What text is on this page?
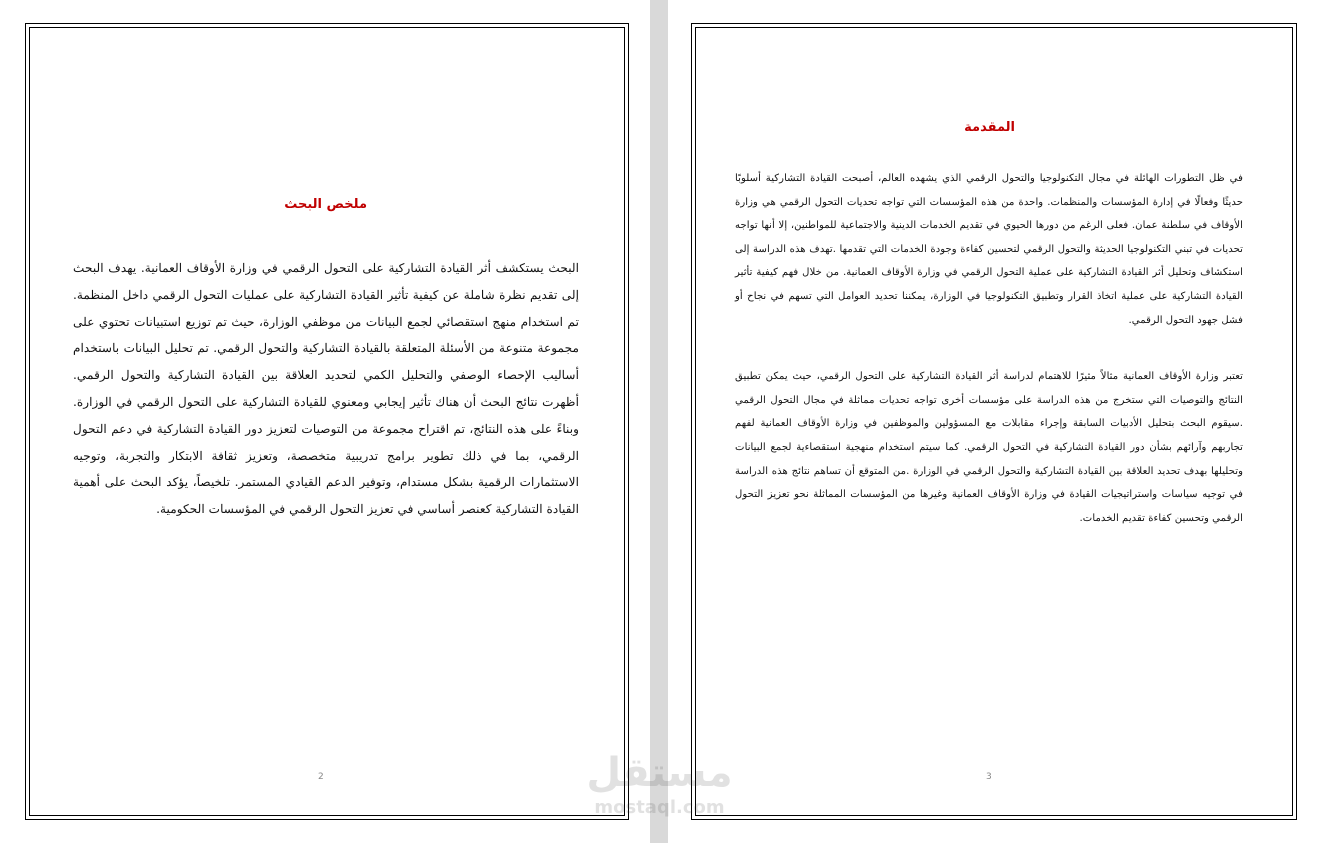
ملخص البحث

البحث يستكشف أثر القيادة التشاركية على التحول الرقمي في وزارة الأوقاف العمانية. يهدف البحث إلى تقديم نظرة شاملة عن كيفية تأثير القيادة التشاركية على عمليات التحول الرقمي داخل المنظمة. تم استخدام منهج استقصائي لجمع البيانات من موظفي الوزارة، حيث تم توزيع استبيانات تحتوي على مجموعة متنوعة من الأسئلة المتعلقة بالقيادة التشاركية والتحول الرقمي. تم تحليل البيانات باستخدام أساليب الإحصاء الوصفي والتحليل الكمي لتحديد العلاقة بين القيادة التشاركية والتحول الرقمي. أظهرت نتائج البحث أن هناك تأثير إيجابي ومعنوي للقيادة التشاركية على التحول الرقمي في الوزارة. وبناءً على هذه النتائج، تم اقتراح مجموعة من التوصيات لتعزيز دور القيادة التشاركية في دعم التحول الرقمي، بما في ذلك تطوير برامج تدريبية متخصصة، وتعزيز ثقافة الابتكار والتجربة، وتوجيه الاستثمارات الرقمية بشكل مستدام، وتوفير الدعم القيادي المستمر. تلخيصاً، يؤكد البحث على أهمية القيادة التشاركية كعنصر أساسي في تعزيز التحول الرقمي في المؤسسات الحكومية.

2
المقدمة

في ظل التطورات الهائلة في مجال التكنولوجيا والتحول الرقمي الذي يشهده العالم، أصبحت القيادة التشاركية أسلوبًا حديثًا وفعالًا في إدارة المؤسسات والمنظمات. واحدة من هذه المؤسسات التي تواجه تحديات التحول الرقمي هي وزارة الأوقاف في سلطنة عمان. فعلى الرغم من دورها الحيوي في تقديم الخدمات الدينية والاجتماعية للمواطنين، إلا أنها تواجه تحديات في تبني التكنولوجيا الحديثة والتحول الرقمي لتحسين كفاءة وجودة الخدمات التي تقدمها .تهدف هذه الدراسة إلى استكشاف وتحليل أثر القيادة التشاركية على عملية التحول الرقمي في وزارة الأوقاف العمانية. من خلال فهم كيفية تأثير القيادة التشاركية على عملية اتخاذ القرار وتطبيق التكنولوجيا في الوزارة، يمكننا تحديد العوامل التي تسهم في نجاح أو فشل جهود التحول الرقمي.

تعتبر وزارة الأوقاف العمانية مثالاً مثيرًا للاهتمام لدراسة أثر القيادة التشاركية على التحول الرقمي، حيث يمكن تطبيق النتائج والتوصيات التي ستخرج من هذه الدراسة على مؤسسات أخرى تواجه تحديات مماثلة في مجال التحول الرقمي .سيقوم البحث بتحليل الأدبيات السابقة وإجراء مقابلات مع المسؤولين والموظفين في وزارة الأوقاف العمانية لفهم تجاربهم وآرائهم بشأن دور القيادة التشاركية في التحول الرقمي. كما سيتم استخدام منهجية استقصاءية لجمع البيانات وتحليلها بهدف تحديد العلاقة بين القيادة التشاركية والتحول الرقمي في الوزارة .من المتوقع أن تساهم نتائج هذه الدراسة في توجيه سياسات واستراتيجيات القيادة في وزارة الأوقاف العمانية وغيرها من المؤسسات المماثلة نحو تعزيز التحول الرقمي وتحسين كفاءة تقديم الخدمات.

3
